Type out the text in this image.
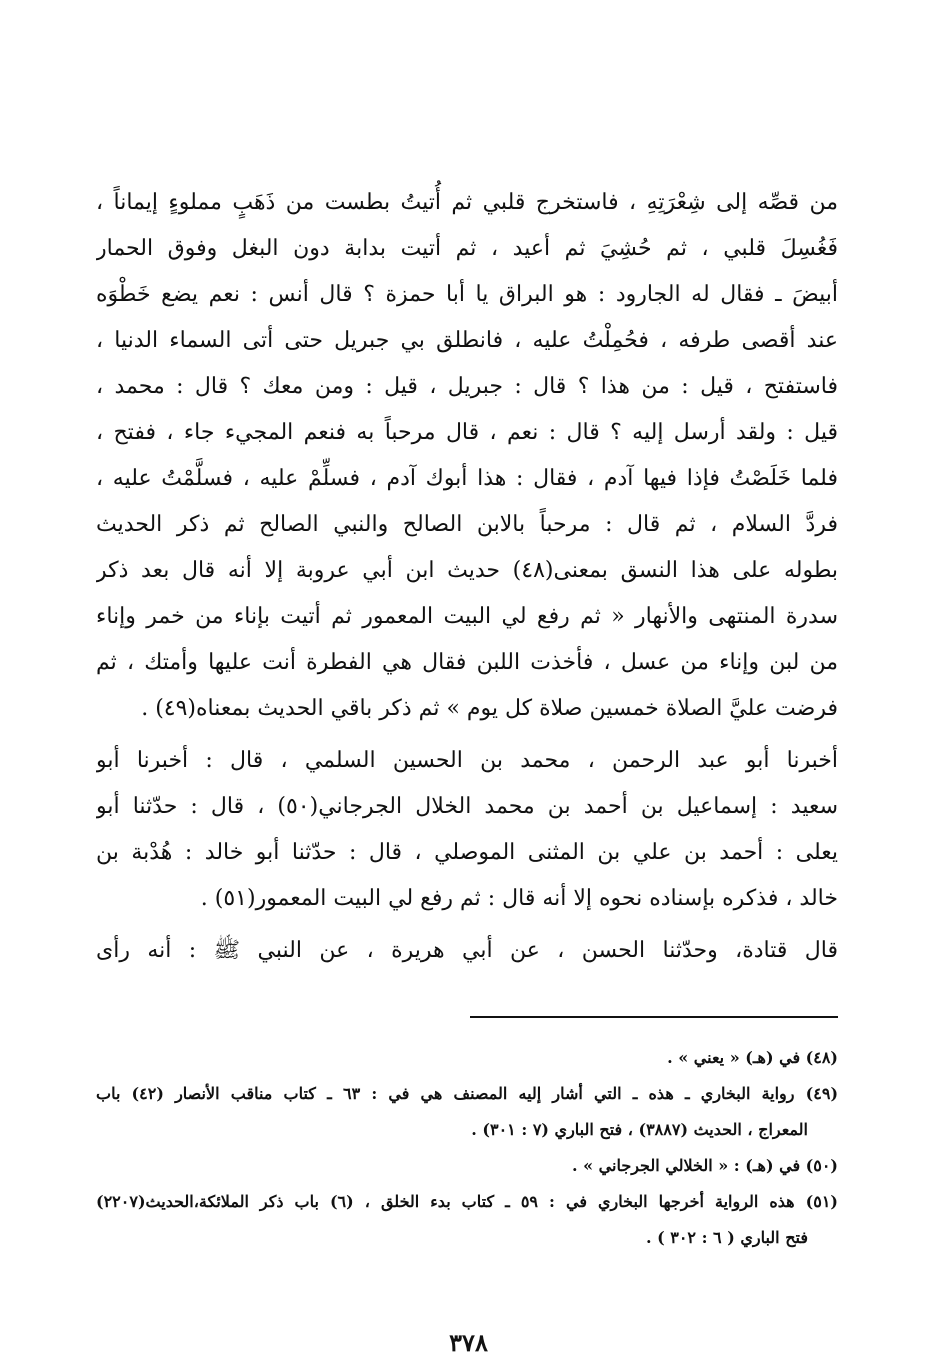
من قصِّه إلى شِعْرَتِهِ ، فاستخرج قلبي ثم أُتيتُ بطست من ذَهَبٍ مملوءٍ إيماناً ،
فَغُسِلَ قلبي ، ثم حُشِيَ ثم أعيد ، ثم أتيت بدابة دون البغل وفوق الحمار
أبيضَ ـ فقال له الجارود : هو البراق يا أبا حمزة ؟ قال أنس : نعم يضع خَطْوَه
عند أقصى طرفه ، فحُمِلْتُ عليه ، فانطلق بي جبريل حتى أتى السماء الدنيا ،
فاستفتح ، قيل : من هذا ؟ قال : جبريل ، قيل : ومن معك ؟ قال : محمد ،
قيل : ولقد أرسل إليه ؟ قال : نعم ، قال مرحباً به فنعم المجيء جاء ، ففتح ،
فلما خَلَصْتُ فإذا فيها آدم ، فقال : هذا أبوك آدم ، فسلِّمْ عليه ، فسلَّمْتُ عليه ،
فردَّ السلام ، ثم قال : مرحباً بالابن الصالح والنبي الصالح ثم ذكر الحديث
بطوله على هذا النسق بمعنى(٤٨) حديث ابن أبي عروبة إلا أنه قال بعد ذكر
سدرة المنتهى والأنهار « ثم رفع لي البيت المعمور ثم أتيت بإناء من خمر وإناء
من لبن وإناء من عسل ، فأخذت اللبن فقال هي الفطرة أنت عليها وأمتك ، ثم
فرضت عليَّ الصلاة خمسين صلاة كل يوم » ثم ذكر باقي الحديث بمعناه(٤٩) .
أخبرنا أبو عبد الرحمن ، محمد بن الحسين السلمي ، قال : أخبرنا أبو
سعيد : إسماعيل بن أحمد بن محمد الخلال الجرجاني(٥٠) ، قال : حدّثنا أبو
يعلى : أحمد بن علي بن المثنى الموصلي ، قال : حدّثنا أبو خالد : هُدْبة بن
خالد ، فذكره بإسناده نحوه إلا أنه قال : ثم رفع لي البيت المعمور(٥١) .
قال قتادة، وحدّثنا الحسن ، عن أبي هريرة ، عن النبي ﷺ : أنه رأى
(٤٨) في (هـ) « يعني » .
(٤٩) رواية البخاري ـ هذه ـ التي أشار إليه المصنف هي في : ٦٣ ـ كتاب مناقب الأنصار (٤٢) باب
المعراج ، الحديث (٣٨٨٧) ، فتح الباري (٧ : ٣٠١) .
(٥٠) في (هـ) : « الخلالي الجرجاني » .
(٥١) هذه الرواية أخرجها البخاري في : ٥٩ ـ كتاب بدء الخلق ، (٦) باب ذكر الملائكة،الحديث(٢٢٠٧)
فتح الباري ( ٦ : ٣٠٢ ) .
٣٧٨
